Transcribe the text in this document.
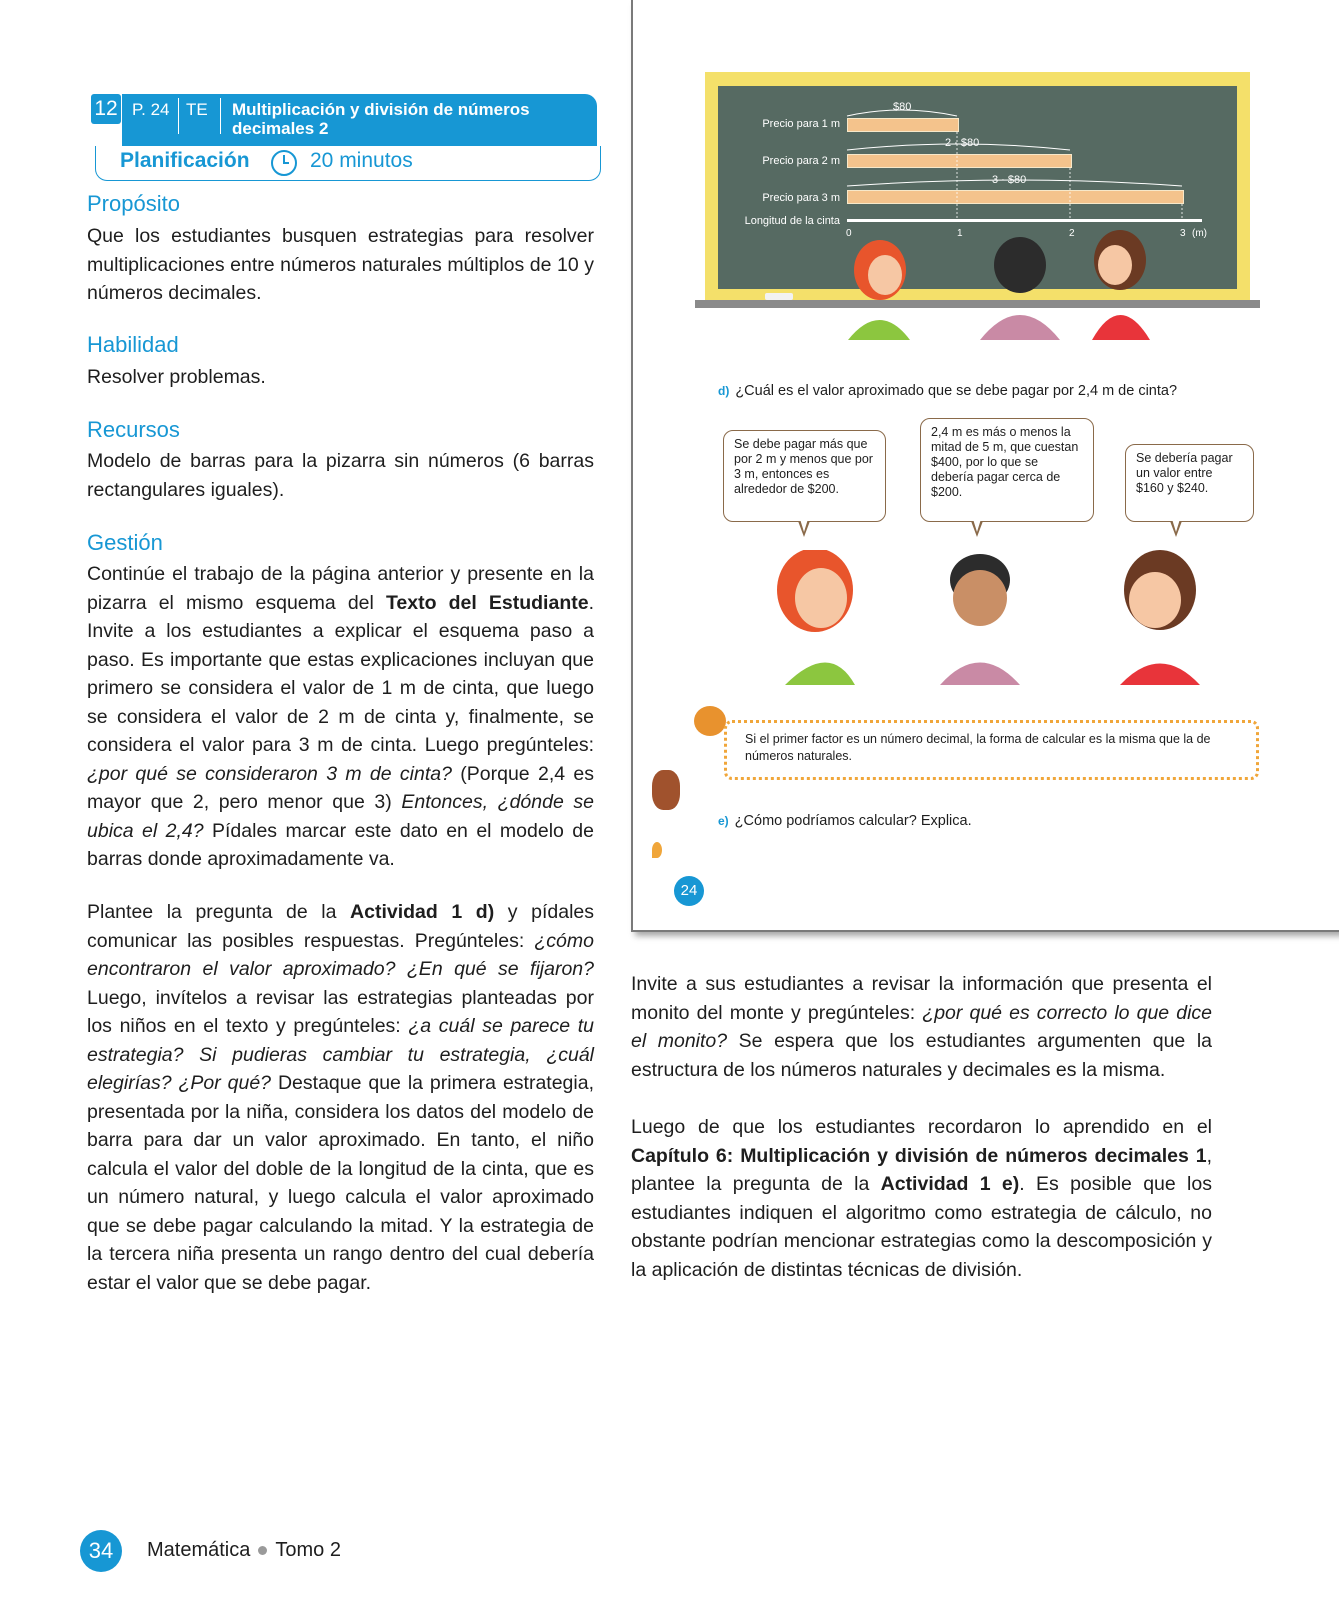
12 P. 24 TE Multiplicación y división de números
decimales 2
Planificación	20 minutos
Propósito
Que los estudiantes busquen estrategias para resolver multiplicaciones entre números naturales múltiplos de 10 y números decimales.
Habilidad
Resolver problemas.
Recursos
Modelo de barras para la pizarra sin números (6 barras rectangulares iguales).
Gestión
Continúe el trabajo de la página anterior y presente en la pizarra el mismo esquema del Texto del Estudiante. Invite a los estudiantes a explicar el esquema paso a paso. Es importante que estas explicaciones incluyan que primero se considera el valor de 1 m de cinta, que luego se considera el valor de 2 m de cinta y, finalmente, se considera el valor para 3 m de cinta. Luego pregúnteles: ¿por qué se consideraron 3 m de cinta? (Porque 2,4 es mayor que 2, pero menor que 3) Entonces, ¿dónde se ubica el 2,4? Pídales marcar este dato en el modelo de barras donde aproximadamente va.
Plantee la pregunta de la Actividad 1 d) y pídales comunicar las posibles respuestas. Pregúnteles: ¿cómo encontraron el valor aproximado? ¿En qué se fijaron? Luego, invítelos a revisar las estrategias planteadas por los niños en el texto y pregúnteles: ¿a cuál se parece tu estrategia? Si pudieras cambiar tu estrategia, ¿cuál elegirías? ¿Por qué? Destaque que la primera estrategia, presentada por la niña, considera los datos del modelo de barra para dar un valor aproximado. En tanto, el niño calcula el valor del doble de la longitud de la cinta, que es un número natural, y luego calcula el valor aproximado que se debe pagar calculando la mitad. Y la estrategia de la tercera niña presenta un rango dentro del cual debería estar el valor que se debe pagar.
Precio para 1 m
Precio para 2 m
Precio para 3 m
Longitud de la cinta
$80
2 · $80
3 · $80
0	1	2	3 (m)
d) ¿Cuál es el valor aproximado que se debe pagar por 2,4 m de cinta?
Se debe pagar más que por 2 m y menos que por 3 m, entonces es alrededor de $200.
2,4 m es más o menos la mitad de 5 m, que cuestan $400, por lo que se debería pagar cerca de $200.
Se debería pagar un valor entre $160 y $240.
Si el primer factor es un número decimal, la forma de calcular es la misma que la de números naturales.
e) ¿Cómo podríamos calcular? Explica.
24
Invite a sus estudiantes a revisar la información que presenta el monito del monte y pregúnteles: ¿por qué es correcto lo que dice el monito? Se espera que los estudiantes argumenten que la estructura de los números naturales y decimales es la misma.
Luego de que los estudiantes recordaron lo aprendido en el Capítulo 6: Multiplicación y división de números decimales 1, plantee la pregunta de la Actividad 1 e). Es posible que los estudiantes indiquen el algoritmo como estrategia de cálculo, no obstante podrían mencionar estrategias como la descomposición y la aplicación de distintas técnicas de división.
34	Matemática Tomo 2
